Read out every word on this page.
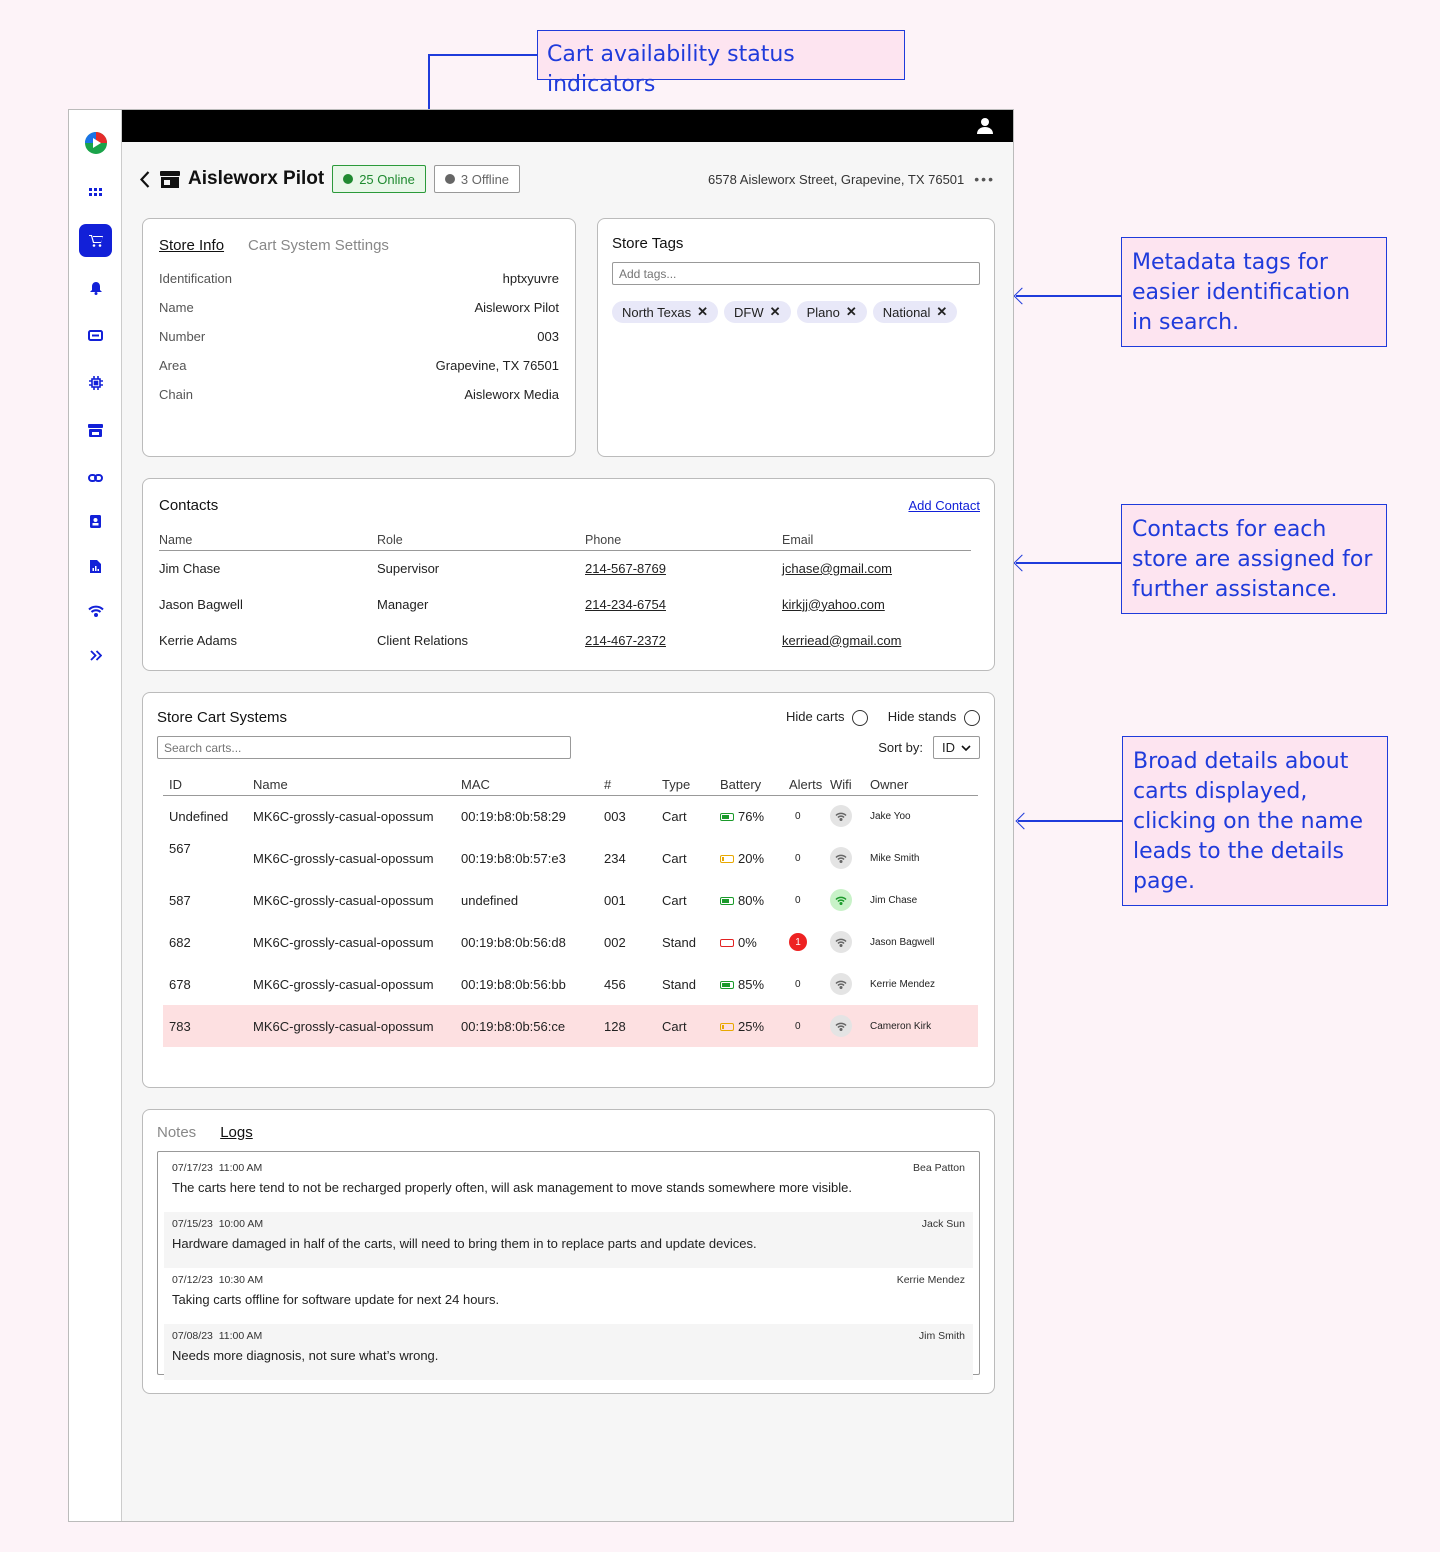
Cart availability status indicators
Metadata tags for easier identification in search.
Contacts for each store are assigned for further assistance.
Broad details about carts displayed, clicking on the name leads to the details page.
Aisleworx Pilot	25 Online	3 Offline	6578 Aisleworx Street, Grapevine, TX 76501 •••
Store Info Cart System Settings
Identification	hptxyuvre
Name	Aisleworx Pilot
Number	003
Area	Grapevine, TX 76501
Chain	Aisleworx Media
Store Tags
Add tags...
North Texas ✕ DFW ✕ Plano ✕ National ✕
Contacts	Add Contact
Name	Role	Phone	Email
Jim Chase	Supervisor	214-567-8769	jchase@gmail.com
Jason Bagwell	Manager	214-234-6754	kirkjj@yahoo.com
Kerrie Adams	Client Relations	214-467-2372	kerriead@gmail.com
Store Cart Systems	Hide carts	Hide stands
Search carts...
Sort by: ID
ID	Name	MAC	#	Type	Battery	Alerts	Wifi	Owner
Undefined	MK6C-grossly-casual-opossum	00:19:b8:0b:58:29	003	Cart	76%	0		Jake Yoo
567	MK6C-grossly-casual-opossum	00:19:b8:0b:57:e3	234	Cart	20%	0		Mike Smith
587	MK6C-grossly-casual-opossum	undefined	001	Cart	80%	0		Jim Chase
682	MK6C-grossly-casual-opossum	00:19:b8:0b:56:d8	002	Stand	0%	1		Jason Bagwell
678	MK6C-grossly-casual-opossum	00:19:b8:0b:56:bb	456	Stand	85%	0		Kerrie Mendez
783	MK6C-grossly-casual-opossum	00:19:b8:0b:56:ce	128	Cart	25%	0		Cameron Kirk
Notes Logs
07/17/23  11:00 AM	Bea Patton
The carts here tend to not be recharged properly often, will ask management to move stands somewhere more visible.
07/15/23  10:00 AM	Jack Sun
Hardware damaged in half of the carts, will need to bring them in to replace parts and update devices.
07/12/23  10:30 AM	Kerrie Mendez
Taking carts offline for software update for next 24 hours.
07/08/23  11:00 AM	Jim Smith
Needs more diagnosis, not sure what’s wrong.
